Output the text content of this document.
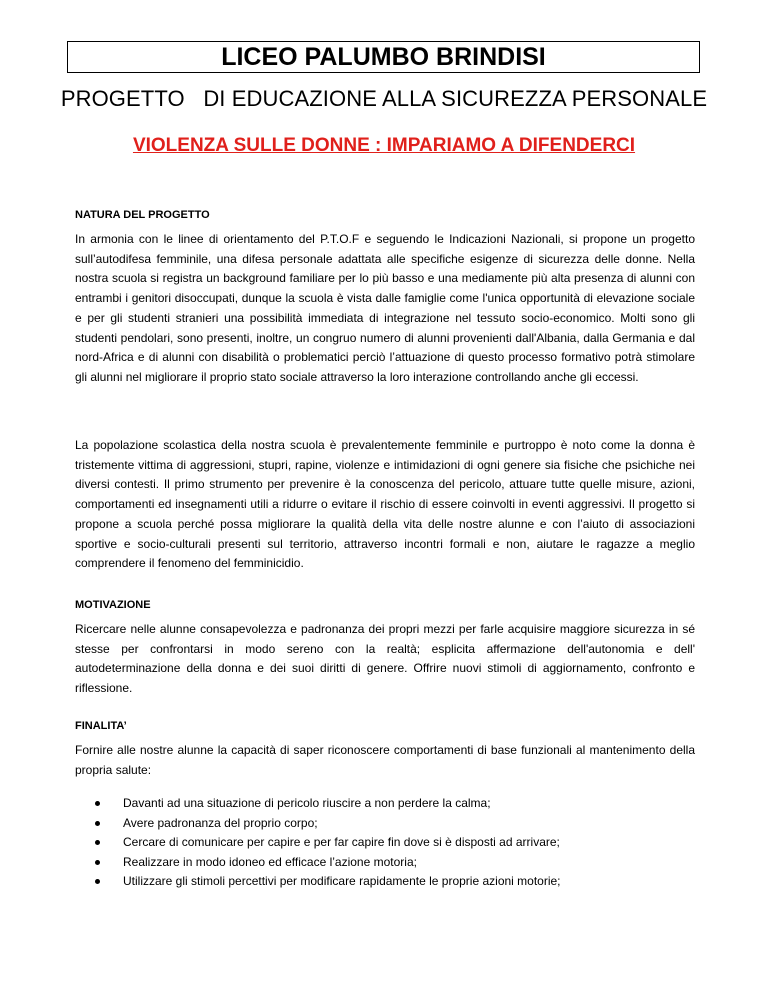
LICEO PALUMBO BRINDISI
PROGETTO   DI EDUCAZIONE ALLA SICUREZZA PERSONALE
VIOLENZA SULLE DONNE : IMPARIAMO A DIFENDERCI
NATURA DEL PROGETTO
In armonia con le linee di orientamento del P.T.O.F e seguendo le Indicazioni Nazionali, si propone un progetto sull’autodifesa femminile, una difesa personale adattata alle specifiche esigenze di sicurezza delle donne. Nella nostra scuola si registra un background familiare per lo più basso e una mediamente più alta presenza di alunni con entrambi i genitori disoccupati, dunque la scuola è vista dalle famiglie come l'unica opportunità di elevazione sociale e per gli studenti stranieri una possibilità immediata di integrazione nel tessuto socio-economico. Molti sono gli studenti pendolari, sono presenti, inoltre, un congruo numero di alunni provenienti dall'Albania, dalla Germania e dal nord-Africa e di alunni con disabilità o problematici perciò l’attuazione di questo processo formativo potrà stimolare gli alunni nel migliorare il proprio stato sociale attraverso la loro interazione controllando anche gli eccessi.
La popolazione scolastica della nostra scuola è prevalentemente femminile e purtroppo è noto come la donna è tristemente vittima di aggressioni, stupri, rapine, violenze e intimidazioni di ogni genere sia fisiche che psichiche nei diversi contesti. Il primo strumento per prevenire è la conoscenza del pericolo, attuare tutte quelle misure, azioni, comportamenti ed insegnamenti utili a ridurre o evitare il rischio di essere coinvolti in eventi aggressivi. Il progetto si propone a scuola perché possa migliorare la qualità della vita delle nostre alunne e con l’aiuto di associazioni sportive e socio-culturali presenti sul territorio, attraverso incontri formali e non, aiutare le ragazze a meglio comprendere il fenomeno del femminicidio.
MOTIVAZIONE
Ricercare nelle alunne consapevolezza e padronanza dei propri mezzi per farle acquisire maggiore sicurezza in sé stesse per confrontarsi in modo sereno con la realtà; esplicita affermazione dell'autonomia e dell' autodeterminazione della donna e dei suoi diritti di genere. Offrire nuovi stimoli di aggiornamento, confronto e riflessione.
FINALITA’
Fornire alle nostre alunne la capacità di saper riconoscere comportamenti di base funzionali al mantenimento della propria salute:
Davanti ad una situazione di pericolo riuscire a non perdere la calma;
Avere padronanza del proprio corpo;
Cercare di comunicare per capire e per far capire fin dove si è disposti ad arrivare;
Realizzare in modo idoneo ed efficace l’azione motoria;
Utilizzare gli stimoli percettivi per modificare rapidamente le proprie azioni motorie;
